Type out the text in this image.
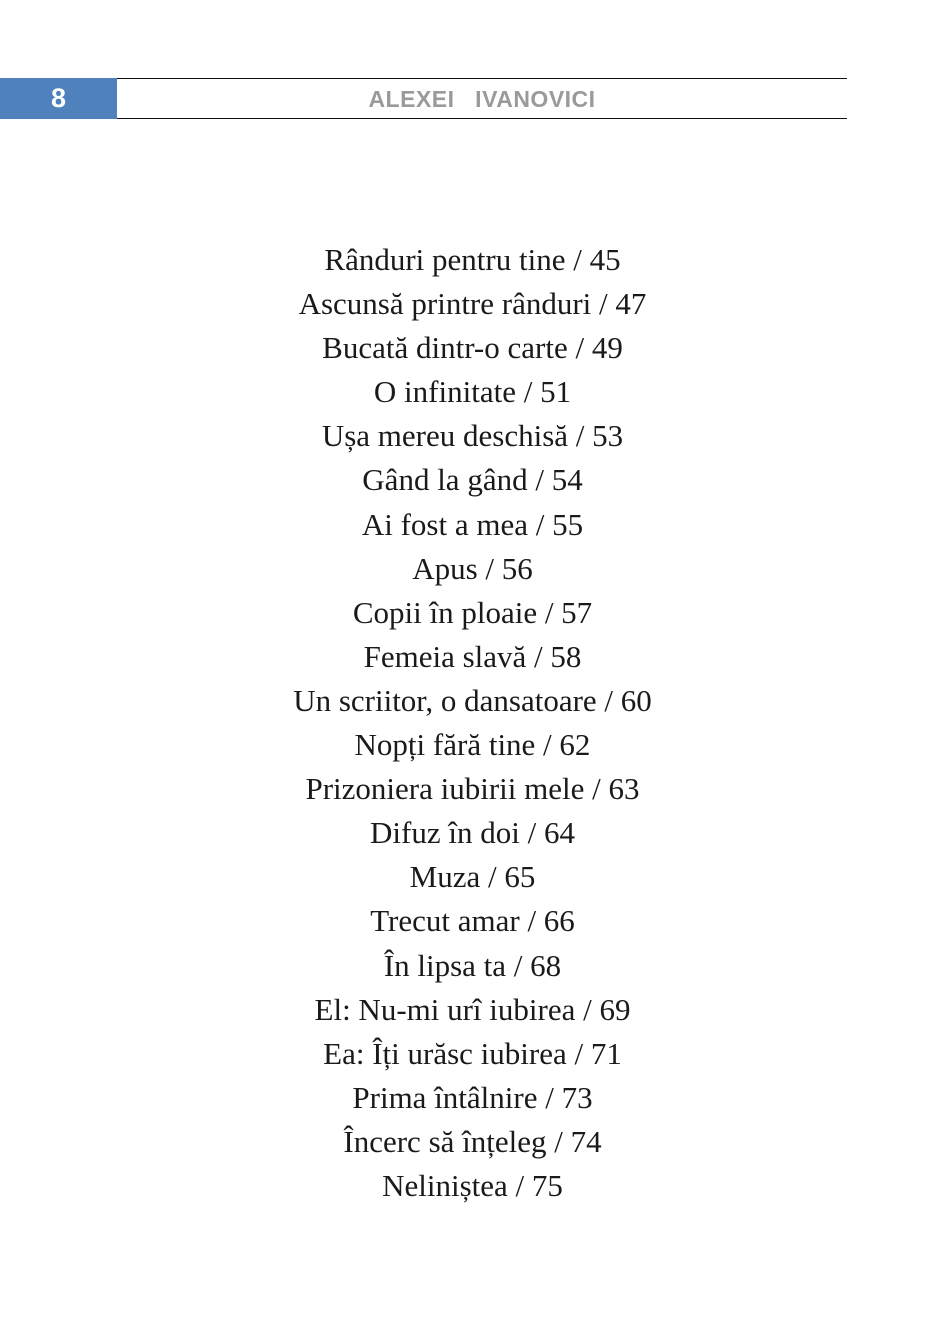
8	ALEXEI   IVANOVICI
Rânduri pentru tine / 45
Ascunsă printre rânduri / 47
Bucată dintr-o carte / 49
O infinitate / 51
Ușa mereu deschisă / 53
Gând la gând / 54
Ai fost a mea / 55
Apus / 56
Copii în ploaie / 57
Femeia slavă / 58
Un scriitor, o dansatoare / 60
Nopți fără tine / 62
Prizoniera iubirii mele / 63
Difuz în doi / 64
Muza / 65
Trecut amar / 66
În lipsa ta / 68
El: Nu-mi urî iubirea / 69
Ea: Îți urăsc iubirea / 71
Prima întâlnire / 73
Încerc să înțeleg / 74
Neliniștea / 75
